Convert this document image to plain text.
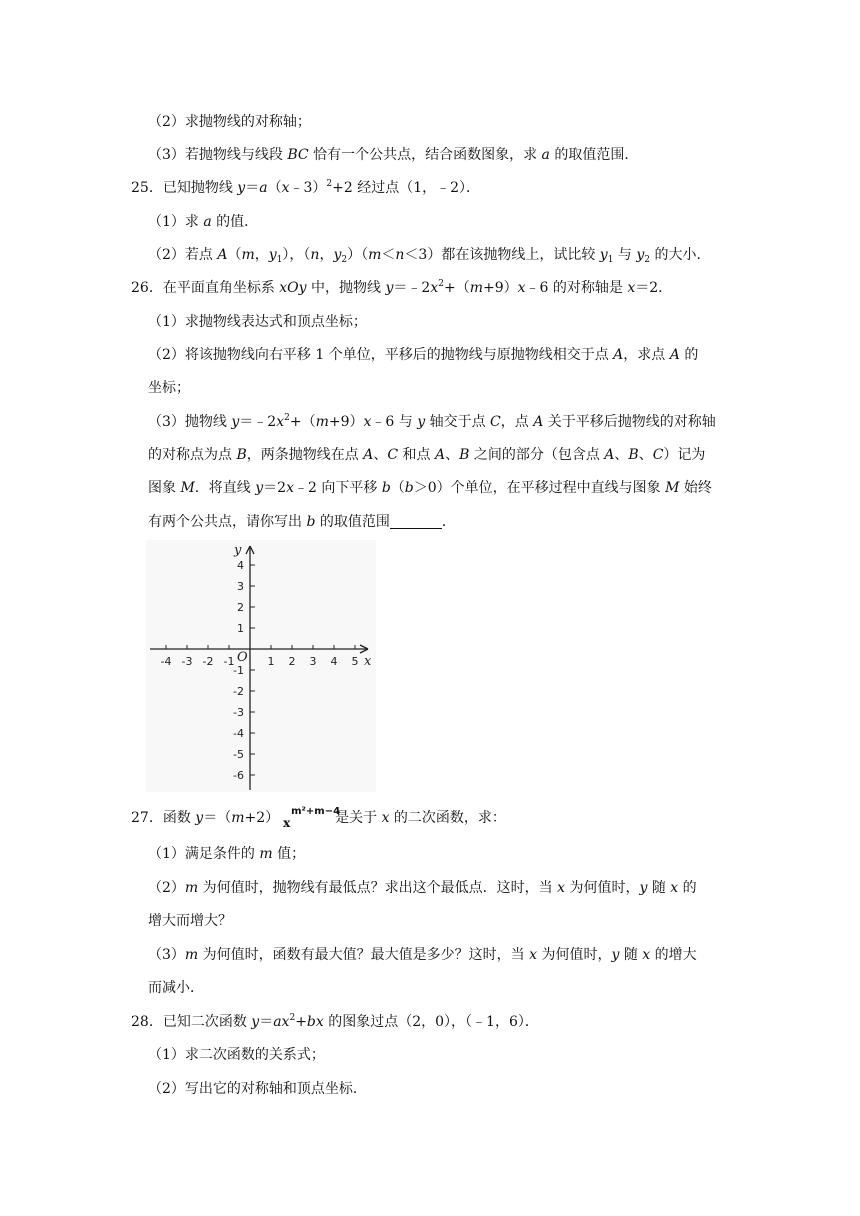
（2）求抛物线的对称轴；
（3）若抛物线与线段 BC 恰有一个公共点，结合函数图象，求 a 的取值范围．
25．已知抛物线 y＝a（x﹣3）$^2$+2 经过点（1，﹣2）．
（1）求 a 的值．
（2）若点 A（m，$y_1$），（n，$y_2)(m<n<3)$都在该抛物线上，试比较 $y_1$ 与 $y_2$ 的大小．
26．在平面直角坐标系 xOy 中，抛物线 $y=﹣2x^2+(m+9)x﹣6$ 的对称轴是 x＝2．
（1）求抛物线表达式和顶点坐标；
（2）将该抛物线向右平移 1 个单位，平移后的抛物线与原抛物线相交于点 A，求点 A 的
坐标；
（3）抛物线 $y=﹣2x^2+(m+9)x﹣6$ 与 y 轴交于点 C，点 A 关于平移后抛物线的对称轴
的对称点为点 B，两条抛物线在点 A、C 和点 A、B 之间的部分（包含点 A、B、C）记为
图象 M．将直线 y＝2x﹣2 向下平移 b（b＞0）个单位，在平移过程中直线与图象 M 始终
有两个公共点，请你写出 b 的取值范围	．
-4 -3 -2 -1	1 2 3 4 5
4
3
2
1
-1
-2
-3
-4
-5
-6
x
y
O
27．函数 y＝（m+2） x
m²+m−4
是关于 x 的二次函数，求：
（1）满足条件的 m 值；
（2）m 为何值时，抛物线有最低点？求出这个最低点．这时，当 x 为何值时，y 随 x 的
增大而增大？
（3）m 为何值时，函数有最大值？最大值是多少？这时，当 x 为何值时，y 随 x 的增大
而减小．
28．已知二次函数 $y=ax^2+bx$ 的图象过点（2，0），（﹣1，6）．
（1）求二次函数的关系式；
（2）写出它的对称轴和顶点坐标．
